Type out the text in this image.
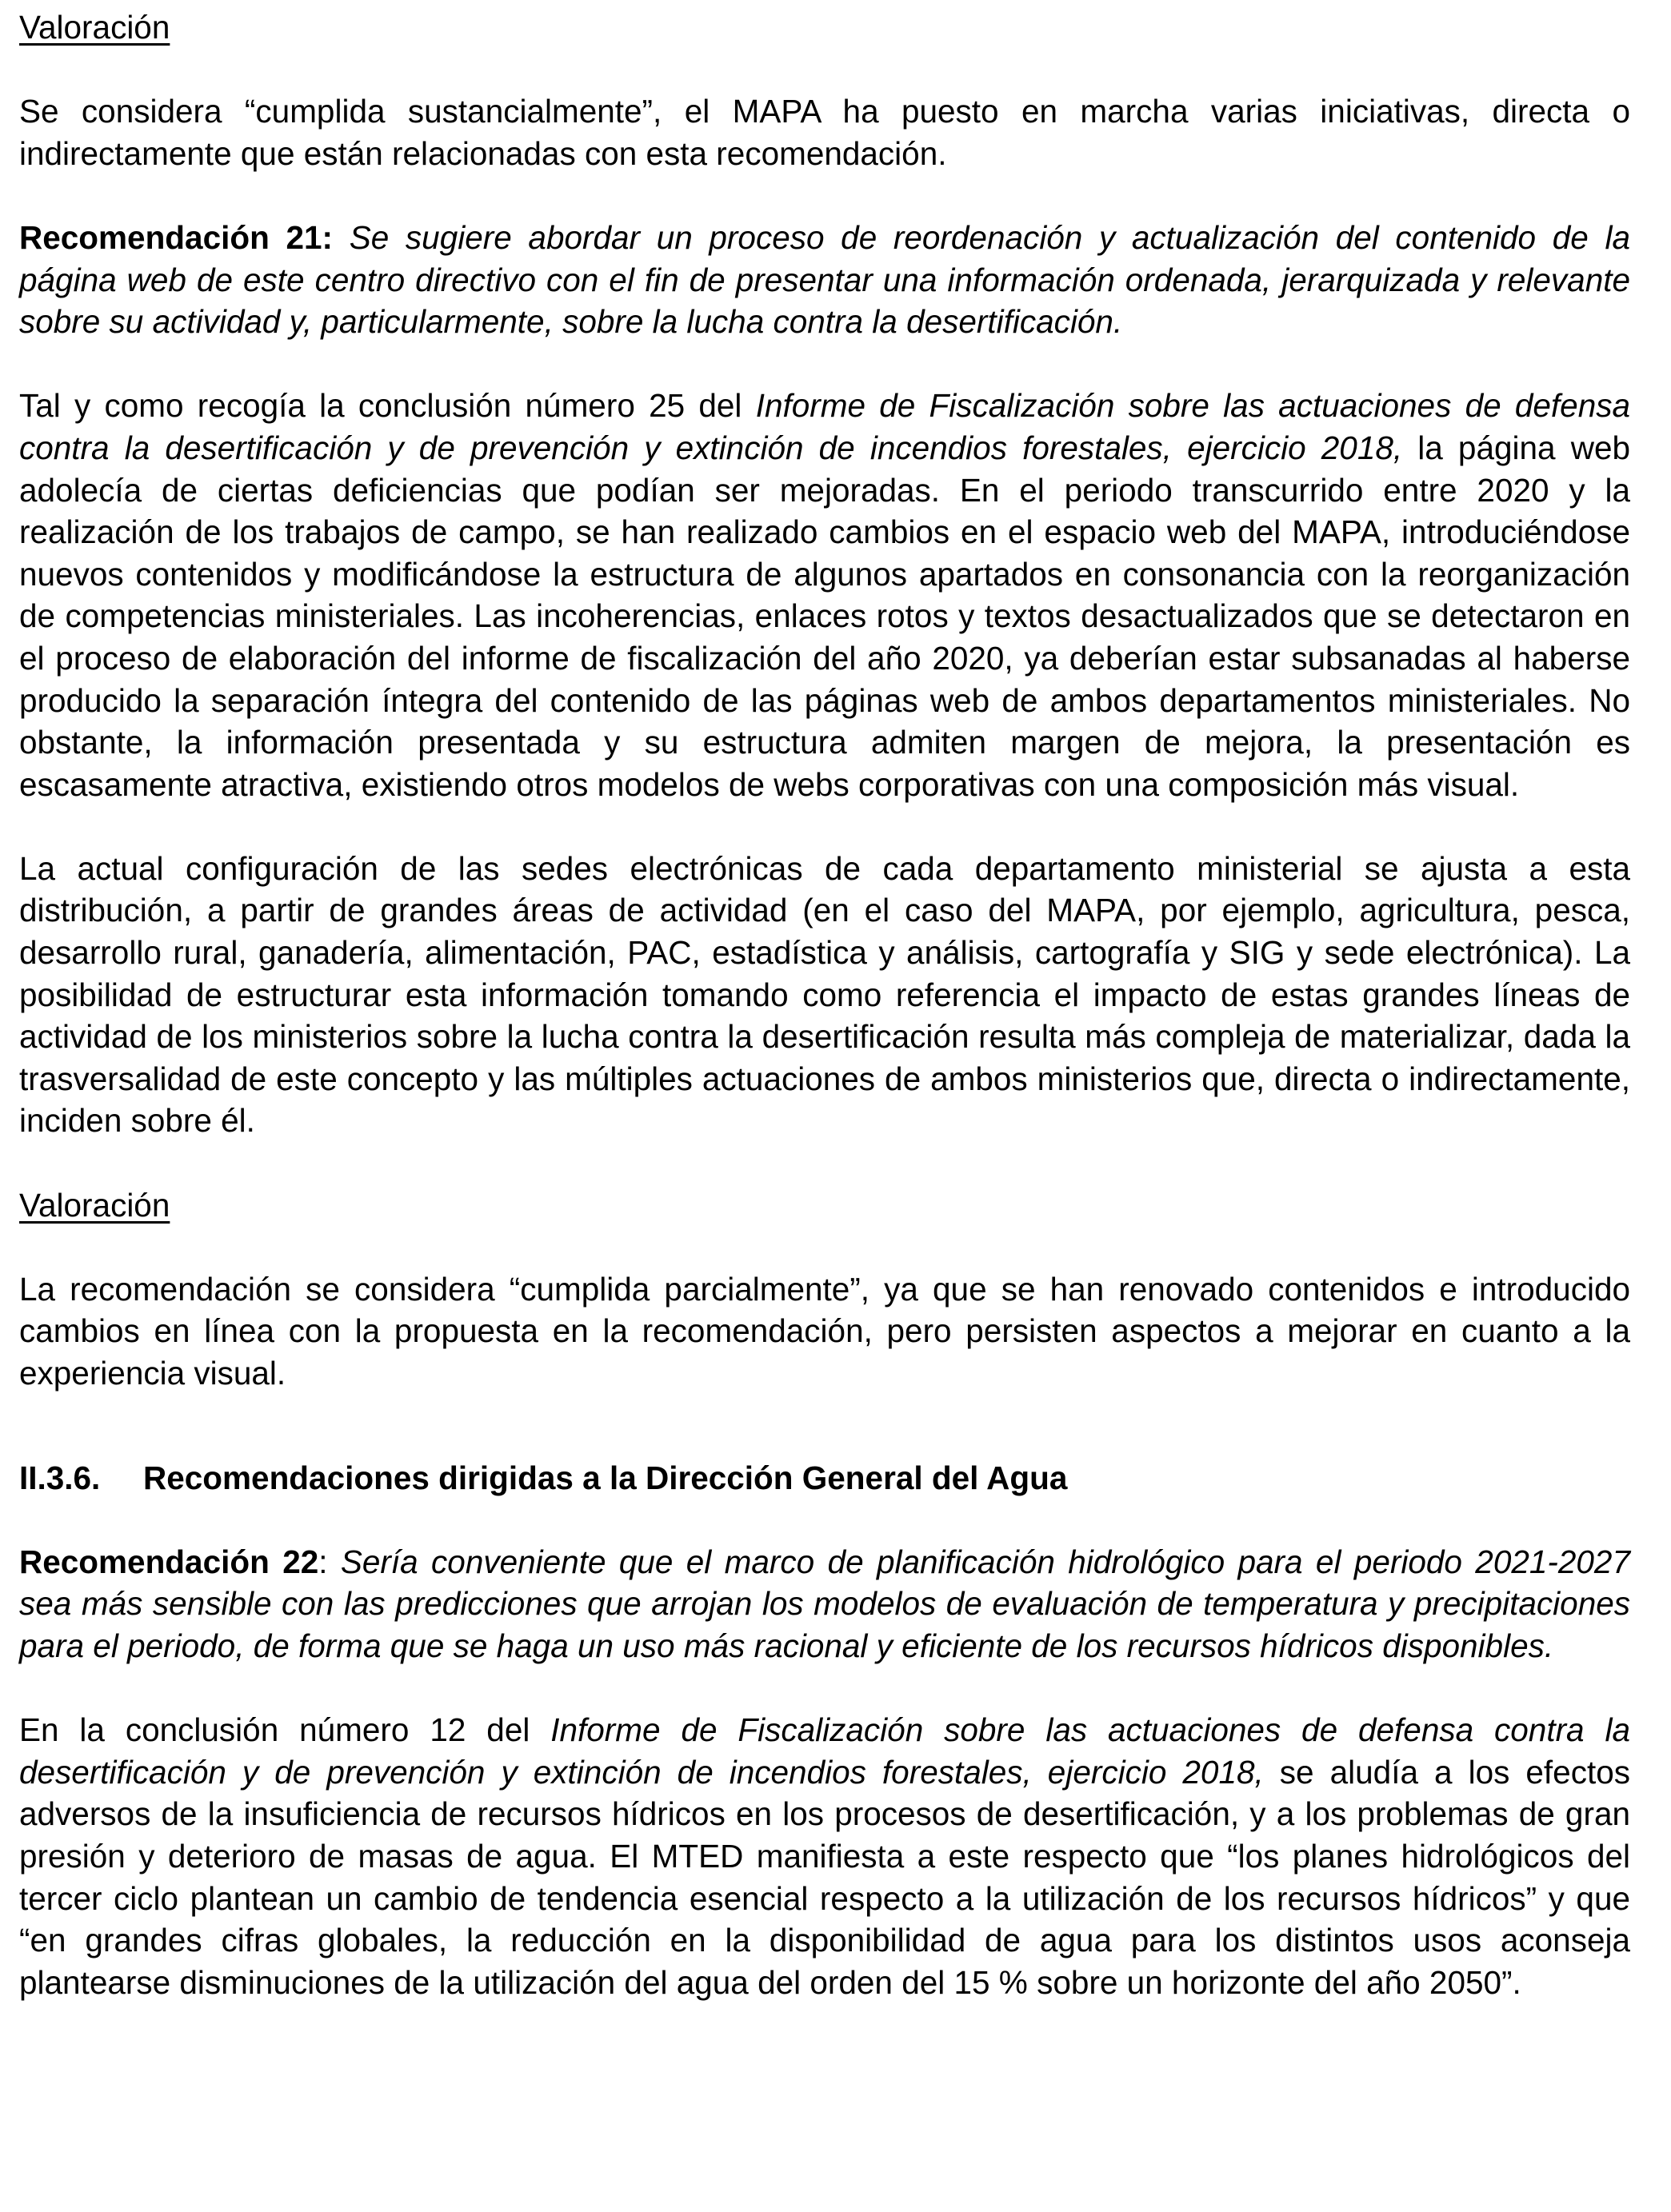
Valoración

Se considera “cumplida sustancialmente”, el MAPA ha puesto en marcha varias iniciativas, directa o indirectamente que están relacionadas con esta recomendación.

Recomendación 21: Se sugiere abordar un proceso de reordenación y actualización del contenido de la página web de este centro directivo con el fin de presentar una información ordenada, jerarquizada y relevante sobre su actividad y, particularmente, sobre la lucha contra la desertificación.

Tal y como recogía la conclusión número 25 del Informe de Fiscalización sobre las actuaciones de defensa contra la desertificación y de prevención y extinción de incendios forestales, ejercicio 2018, la página web adolecía de ciertas deficiencias que podían ser mejoradas. En el periodo transcurrido entre 2020 y la realización de los trabajos de campo, se han realizado cambios en el espacio web del MAPA, introduciéndose nuevos contenidos y modificándose la estructura de algunos apartados en consonancia con la reorganización de competencias ministeriales. Las incoherencias, enlaces rotos y textos desactualizados que se detectaron en el proceso de elaboración del informe de fiscalización del año 2020, ya deberían estar subsanadas al haberse producido la separación íntegra del contenido de las páginas web de ambos departamentos ministeriales. No obstante, la información presentada y su estructura admiten margen de mejora, la presentación es escasamente atractiva, existiendo otros modelos de webs corporativas con una composición más visual.

La actual configuración de las sedes electrónicas de cada departamento ministerial se ajusta a esta distribución, a partir de grandes áreas de actividad (en el caso del MAPA, por ejemplo, agricultura, pesca, desarrollo rural, ganadería, alimentación, PAC, estadística y análisis, cartografía y SIG y sede electrónica). La posibilidad de estructurar esta información tomando como referencia el impacto de estas grandes líneas de actividad de los ministerios sobre la lucha contra la desertificación resulta más compleja de materializar, dada la trasversalidad de este concepto y las múltiples actuaciones de ambos ministerios que, directa o indirectamente, inciden sobre él.

Valoración

La recomendación se considera “cumplida parcialmente”, ya que se han renovado contenidos e introducido cambios en línea con la propuesta en la recomendación, pero persisten aspectos a mejorar en cuanto a la experiencia visual.

II.3.6. Recomendaciones dirigidas a la Dirección General del Agua

Recomendación 22: Sería conveniente que el marco de planificación hidrológico para el periodo 2021-2027 sea más sensible con las predicciones que arrojan los modelos de evaluación de temperatura y precipitaciones para el periodo, de forma que se haga un uso más racional y eficiente de los recursos hídricos disponibles.

En la conclusión número 12 del Informe de Fiscalización sobre las actuaciones de defensa contra la desertificación y de prevención y extinción de incendios forestales, ejercicio 2018, se aludía a los efectos adversos de la insuficiencia de recursos hídricos en los procesos de desertificación, y a los problemas de gran presión y deterioro de masas de agua. El MTED manifiesta a este respecto que “los planes hidrológicos del tercer ciclo plantean un cambio de tendencia esencial respecto a la utilización de los recursos hídricos” y que “en grandes cifras globales, la reducción en la disponibilidad de agua para los distintos usos aconseja plantearse disminuciones de la utilización del agua del orden del 15 % sobre un horizonte del año 2050”.
